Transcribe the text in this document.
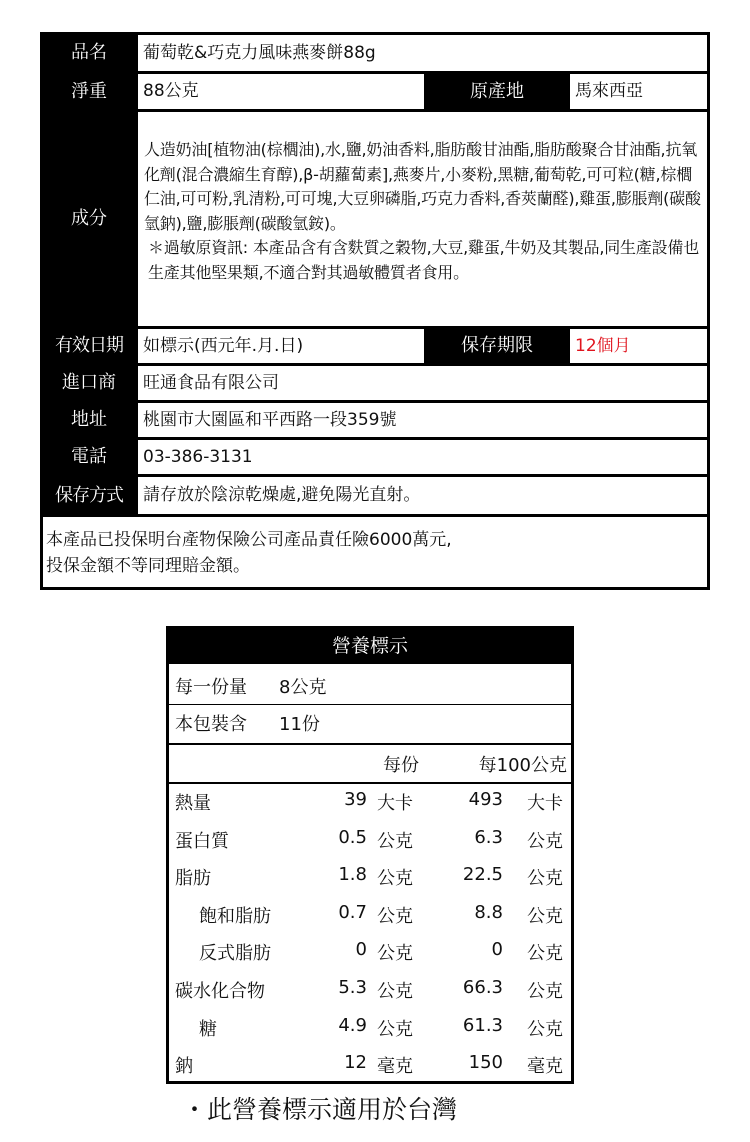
品名	葡萄乾&巧克力風味燕麥餅88g
淨重	88公克	原產地	馬來西亞
成分

人造奶油[植物油(棕櫚油),水,鹽,奶油香料,脂肪酸甘油酯,脂肪酸聚合甘油酯,抗氧化劑(混合濃縮生育醇),β-胡蘿蔔素],燕麥片,小麥粉,黑糖,葡萄乾,可可粒(糖,棕櫚仁油,可可粉,乳清粉,可可塊,大豆卵磷脂,巧克力香料,香莢蘭醛),雞蛋,膨脹劑(碳酸氫鈉),鹽,膨脹劑(碳酸氫銨)。

＊過敏原資訊: 本產品含有含麩質之穀物,大豆,雞蛋,牛奶及其製品,同生產設備也生產其他堅果類,不適合對其過敏體質者食用。

有效日期	如標示(西元年.月.日)	保存期限	12個月
進口商	旺通食品有限公司
地址	桃園市大園區和平西路一段359號
電話	03-386-3131
保存方式	請存放於陰涼乾燥處,避免陽光直射。

本產品已投保明台產物保險公司產品責任險6000萬元,

投保金額不等同理賠金額。

營養標示
每一份量 8公克
本包裝含 11份
每份	每100公克
熱量	39 大卡	493 大卡
蛋白質	0.5 公克	6.3 公克
脂肪	1.8 公克	22.5 公克
飽和脂肪	0.7 公克	8.8 公克
反式脂肪	0 公克	0 公克
碳水化合物	5.3 公克	66.3 公克
糖	4.9 公克	61.3 公克
鈉	12 毫克	150 毫克
・此營養標示適用於台灣
